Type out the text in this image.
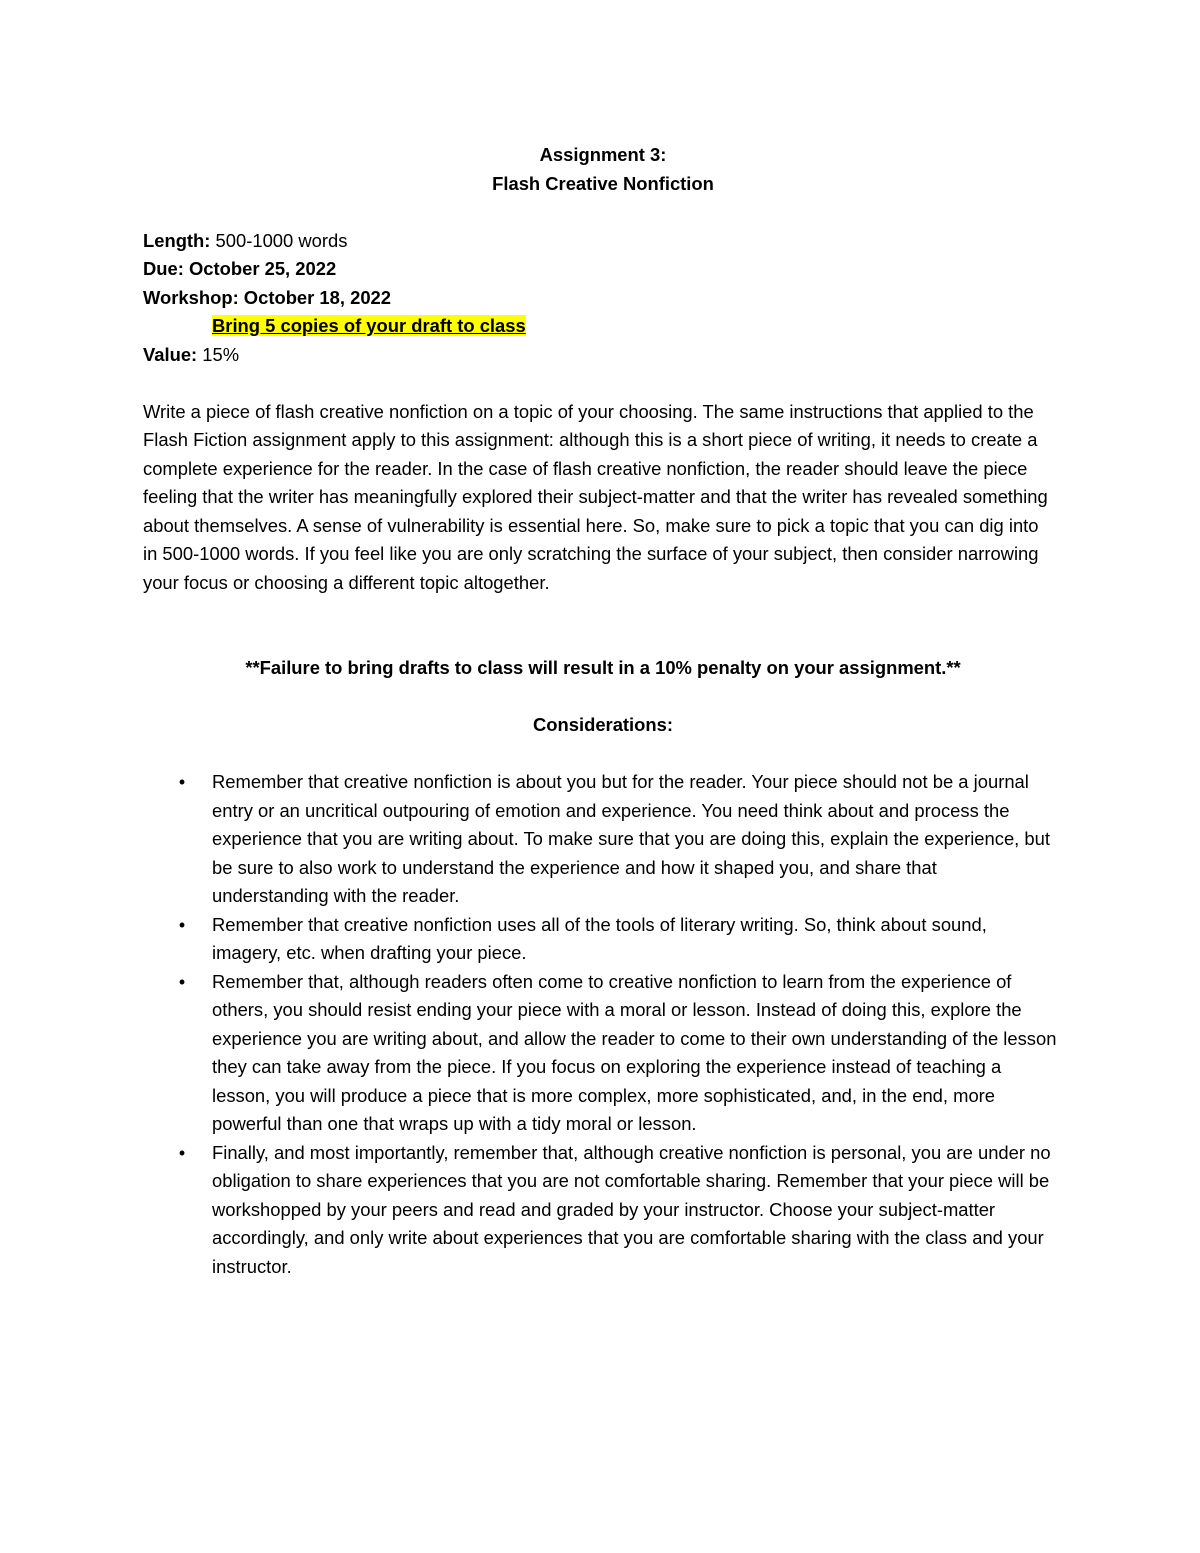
Assignment 3:

Flash Creative Nonfiction

Length: 500-1000 words

Due: October 25, 2022

Workshop: October 18, 2022

Bring 5 copies of your draft to class

Value: 15%

Write a piece of flash creative nonfiction on a topic of your choosing. The same instructions that applied to the Flash Fiction assignment apply to this assignment: although this is a short piece of writing, it needs to create a complete experience for the reader. In the case of flash creative nonfiction, the reader should leave the piece feeling that the writer has meaningfully explored their subject-matter and that the writer has revealed something about themselves. A sense of vulnerability is essential here. So, make sure to pick a topic that you can dig into in 500-1000 words. If you feel like you are only scratching the surface of your subject, then consider narrowing your focus or choosing a different topic altogether.

**Failure to bring drafts to class will result in a 10% penalty on your assignment.**

Considerations:

• Remember that creative nonfiction is about you but for the reader. Your piece should not be a journal entry or an uncritical outpouring of emotion and experience. You need think about and process the experience that you are writing about. To make sure that you are doing this, explain the experience, but be sure to also work to understand the experience and how it shaped you, and share that understanding with the reader.
• Remember that creative nonfiction uses all of the tools of literary writing. So, think about sound, imagery, etc. when drafting your piece.
• Remember that, although readers often come to creative nonfiction to learn from the experience of others, you should resist ending your piece with a moral or lesson. Instead of doing this, explore the experience you are writing about, and allow the reader to come to their own understanding of the lesson they can take away from the piece. If you focus on exploring the experience instead of teaching a lesson, you will produce a piece that is more complex, more sophisticated, and, in the end, more powerful than one that wraps up with a tidy moral or lesson.
• Finally, and most importantly, remember that, although creative nonfiction is personal, you are under no obligation to share experiences that you are not comfortable sharing. Remember that your piece will be workshopped by your peers and read and graded by your instructor. Choose your subject-matter accordingly, and only write about experiences that you are comfortable sharing with the class and your instructor.
